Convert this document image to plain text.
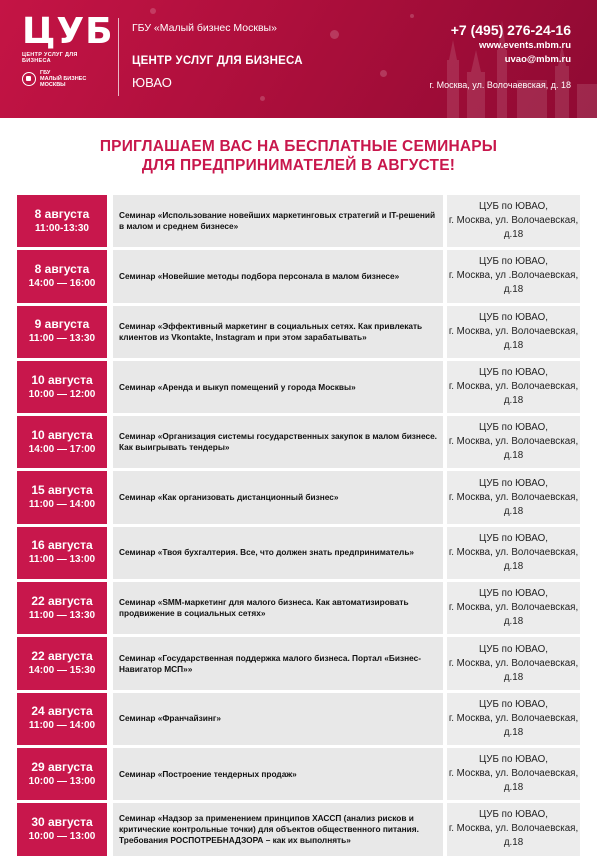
ЦУБ
ЦЕНТР УСЛУГ ДЛЯ БИЗНЕСА
ГБУ
МАЛЫЙ БИЗНЕС
МОСКВЫ
ГБУ «Малый бизнес Москвы»
ЦЕНТР УСЛУГ ДЛЯ БИЗНЕСА
ЮВАО
+7 (495) 276-24-16
www.events.mbm.ru
uvao@mbm.ru
г. Москва, ул. Волочаевская, д. 18
ПРИГЛАШАЕМ ВАС НА БЕСПЛАТНЫЕ СЕМИНАРЫ
ДЛЯ ПРЕДПРИНИМАТЕЛЕЙ В АВГУСТЕ!
8 августа
11:00-13:30
Семинар «Использование новейших маркетинговых стратегий и IT-решений в малом и среднем бизнесе»
ЦУБ по ЮВАО,
г. Москва, ул. Волочаевская,
д.18
8 августа
14:00 — 16:00
Семинар «Новейшие методы подбора персонала в малом бизнесе»
ЦУБ по ЮВАО,
г. Москва, ул .Волочаевская,
д.18
9 августа
11:00 — 13:30
Семинар «Эффективный маркетинг в социальных сетях. Как привлекать клиентов из Vkontakte, Instagram и при этом зарабатывать»
ЦУБ по ЮВАО,
г. Москва, ул. Волочаевская,
д.18
10 августа
10:00 — 12:00
Семинар «Аренда и выкуп помещений у города Москвы»
ЦУБ по ЮВАО,
г. Москва, ул. Волочаевская,
д.18
10 августа
14:00 — 17:00
Семинар «Организация системы государственных закупок в малом бизнесе. Как выигрывать тендеры»
ЦУБ по ЮВАО,
г. Москва, ул. Волочаевская,
д.18
15 августа
11:00 — 14:00
Семинар «Как организовать дистанционный бизнес»
ЦУБ по ЮВАО,
г. Москва, ул. Волочаевская,
д.18
16 августа
11:00 — 13:00
Семинар «Твоя бухгалтерия. Все, что должен знать предприниматель»
ЦУБ по ЮВАО,
г. Москва, ул. Волочаевская,
д.18
22 августа
11:00 — 13:30
Семинар «SMM-маркетинг для малого бизнеса. Как автоматизировать продвижение в социальных сетях»
ЦУБ по ЮВАО,
г. Москва, ул. Волочаевская,
д.18
22 августа
14:00 — 15:30
Семинар «Государственная поддержка малого бизнеса. Портал «Бизнес-Навигатор МСП»»
ЦУБ по ЮВАО,
г. Москва, ул. Волочаевская,
д.18
24 августа
11:00 — 14:00
Семинар «Франчайзинг»
ЦУБ по ЮВАО,
г. Москва, ул. Волочаевская,
д.18
29 августа
10:00 — 13:00
Семинар «Построение тендерных продаж»
ЦУБ по ЮВАО,
г. Москва, ул. Волочаевская,
д.18
30 августа
10:00 — 13:00
Семинар «Надзор за применением принципов ХАССП (анализ рисков и критические контрольные точки) для объектов общественного питания. Требования РОСПОТРЕБНАДЗОРА – как их выполнять»
ЦУБ по ЮВАО,
г. Москва, ул. Волочаевская,
д.18
